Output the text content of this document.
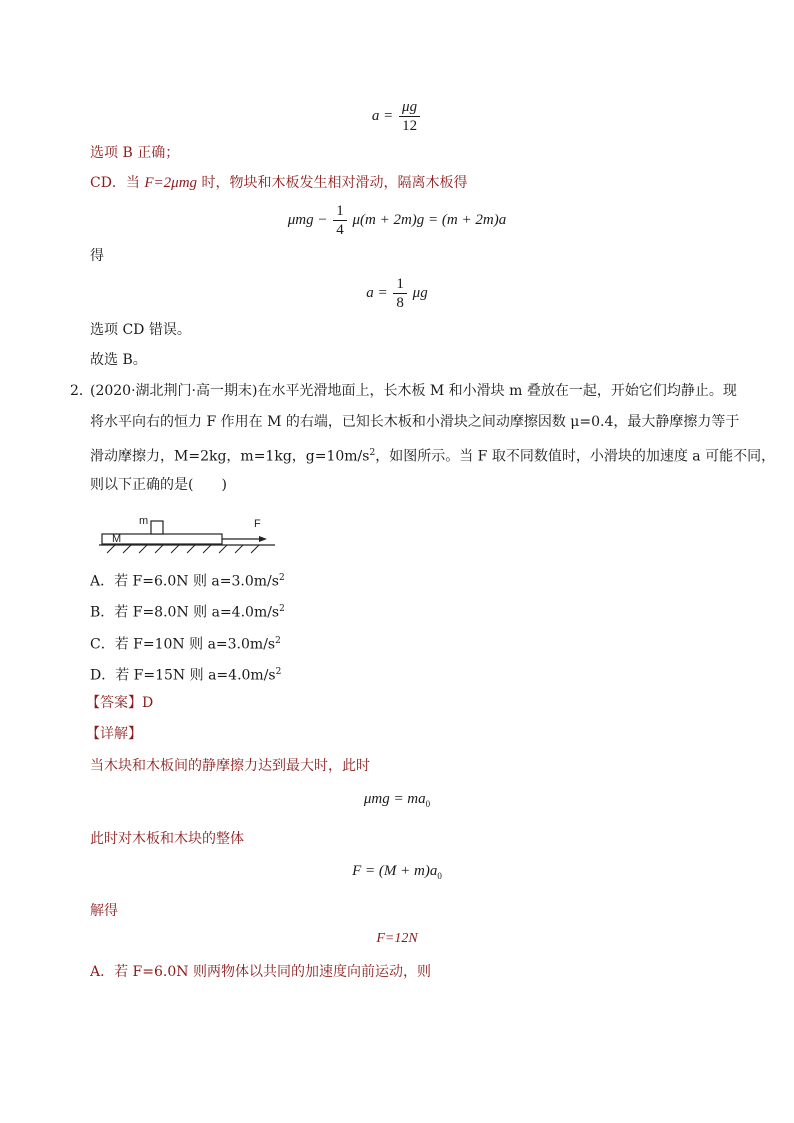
$a = \frac{\mu g}{12}$
选项 B 正确；
CD．当 F=2μmg 时，物块和木板发生相对滑动，隔离木板得
$\mu mg - \frac{1}{4} \mu(m + 2m)g = (m + 2m)a$
得
$a = \frac{1}{8}$ μg
选项 CD 错误。
故选 B。
2．
(2020·湖北荆门·高一期末)在水平光滑地面上，长木板 M 和小滑块 m 叠放在一起，开始它们均静止。现
将水平向右的恒力 F 作用在 M 的右端，已知长木板和小滑块之间动摩擦因数 μ=0.4，最大静摩擦力等于
滑动摩擦力，M=2kg，m=1kg，$g=10m/s^2$，如图所示。当 F 取不同数值时，小滑块的加速度 a 可能不同，
则以下正确的是(　　)
M
m	F
A．若 F=6.0N 则 $a=3.0m/s^2$
B．若 F=8.0N 则 $a=4.0m/s^2$
C．若 F=10N 则 $a=3.0m/s^2$
D．若 F=15N 则 $a=4.0m/s^2$
【答案】D
【详解】
当木块和木板间的静摩擦力达到最大时，此时
$\mu mg = ma_0$
此时对木板和木块的整体
$F = (M + m)a_0$
解得
F=12N
A．若 F=6.0N 则两物体以共同的加速度向前运动，则
